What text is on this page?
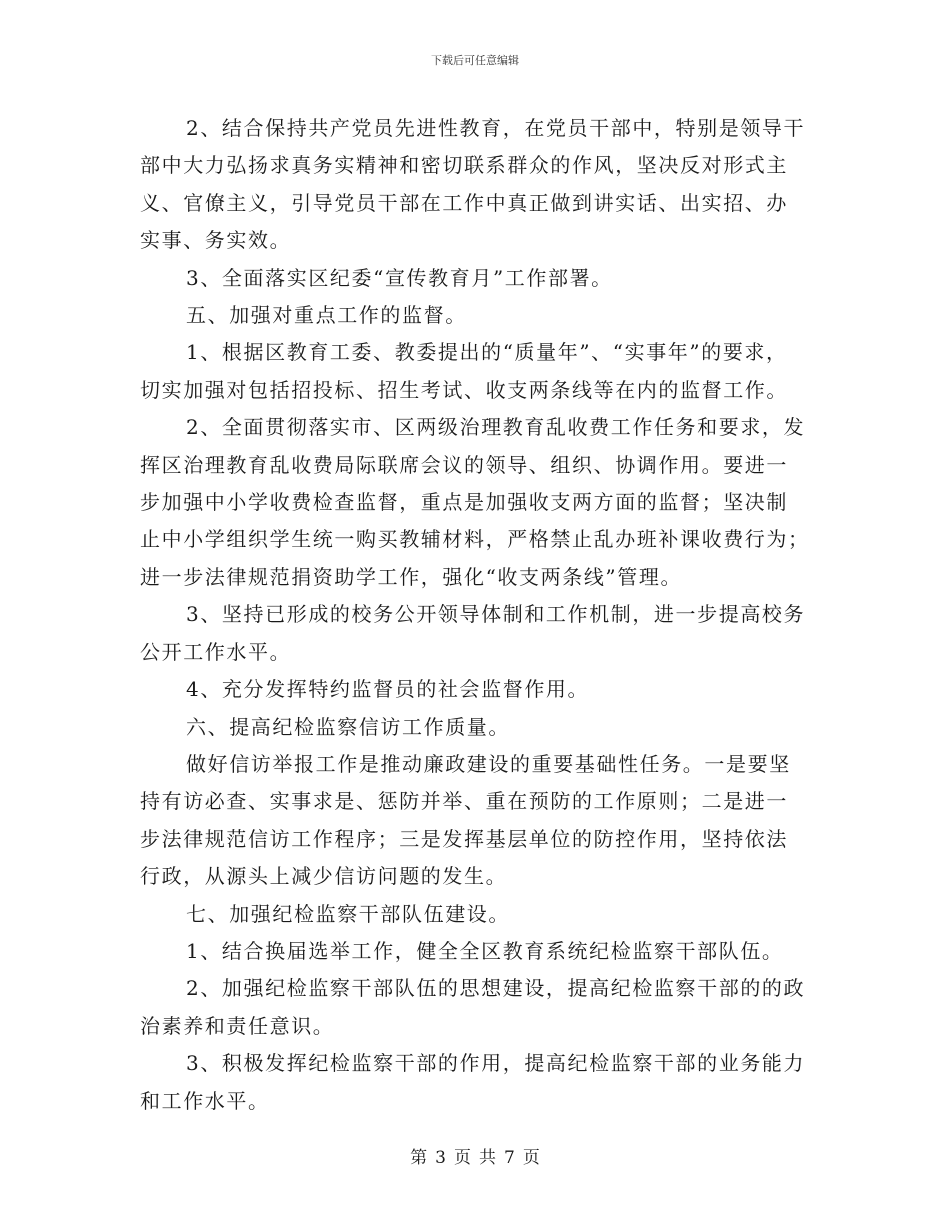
下载后可任意编辑

2、结合保持共产党员先进性教育，在党员干部中，特别是领导干
部中大力弘扬求真务实精神和密切联系群众的作风，坚决反对形式主
义、官僚主义，引导党员干部在工作中真正做到讲实话、出实招、办
实事、务实效。

3、全面落实区纪委“宣传教育月”工作部署。

五、加强对重点工作的监督。

1、根据区教育工委、教委提出的“质量年”、“实事年”的要求，
切实加强对包括招投标、招生考试、收支两条线等在内的监督工作。

2、全面贯彻落实市、区两级治理教育乱收费工作任务和要求，发
挥区治理教育乱收费局际联席会议的领导、组织、协调作用。要进一
步加强中小学收费检查监督，重点是加强收支两方面的监督；坚决制
止中小学组织学生统一购买教辅材料，严格禁止乱办班补课收费行为；
进一步法律规范捐资助学工作，强化“收支两条线”管理。

3、坚持已形成的校务公开领导体制和工作机制，进一步提高校务
公开工作水平。

4、充分发挥特约监督员的社会监督作用。

六、提高纪检监察信访工作质量。

做好信访举报工作是推动廉政建设的重要基础性任务。一是要坚
持有访必查、实事求是、惩防并举、重在预防的工作原则；二是进一
步法律规范信访工作程序；三是发挥基层单位的防控作用，坚持依法
行政，从源头上减少信访问题的发生。

七、加强纪检监察干部队伍建设。

1、结合换届选举工作，健全全区教育系统纪检监察干部队伍。

2、加强纪检监察干部队伍的思想建设，提高纪检监察干部的的政
治素养和责任意识。

3、积极发挥纪检监察干部的作用，提高纪检监察干部的业务能力
和工作水平。

第 3 页 共 7 页
